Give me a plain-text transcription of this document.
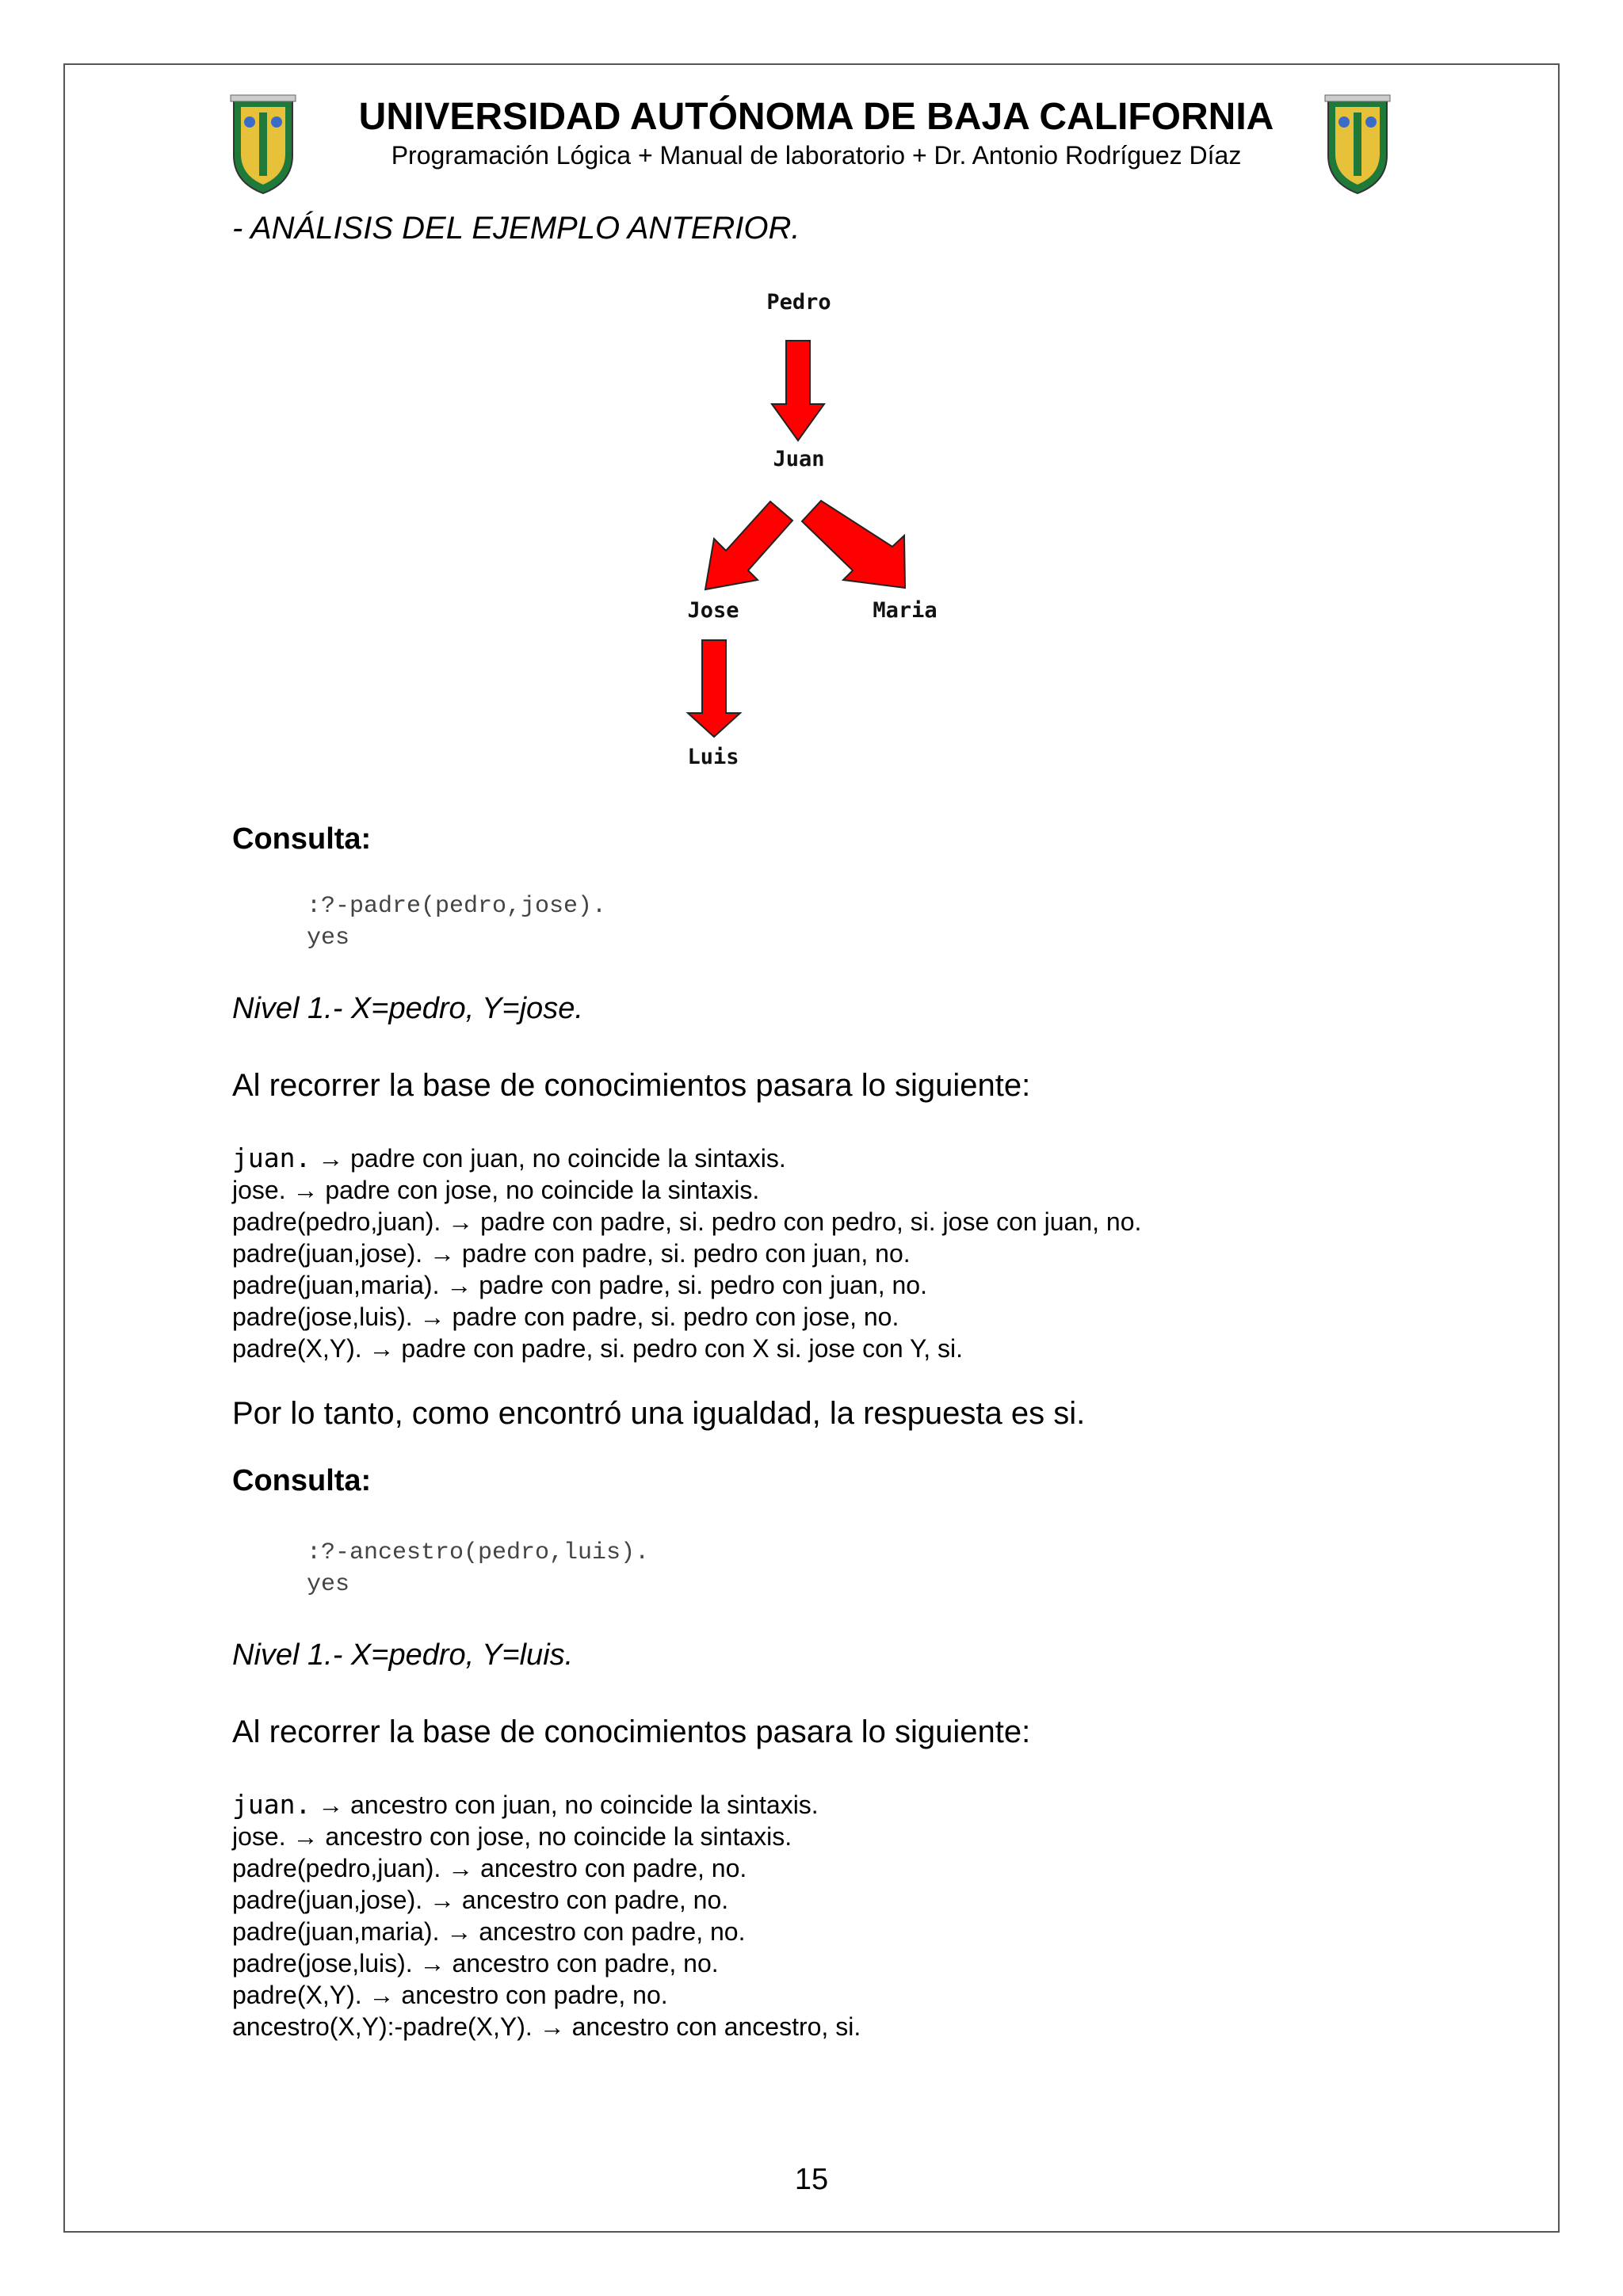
UNIVERSIDAD AUTÓNOMA DE BAJA CALIFORNIA
Programación Lógica + Manual de laboratorio + Dr. Antonio Rodríguez Díaz
- ANÁLISIS DEL EJEMPLO ANTERIOR.
Pedro
Juan
Jose	Maria
Luis
Consulta:
:?-padre(pedro,jose).
yes
Nivel 1.- X=pedro, Y=jose.
Al recorrer la base de conocimientos pasara lo siguiente:
juan. → padre con juan, no coincide la sintaxis.
jose. → padre con jose, no coincide la sintaxis.
padre(pedro,juan). → padre con padre, si. pedro con pedro, si. jose con juan, no.
padre(juan,jose). → padre con padre, si. pedro con juan, no.
padre(juan,maria). → padre con padre, si. pedro con juan, no.
padre(jose,luis). → padre con padre, si. pedro con jose, no.
padre(X,Y). → padre con padre, si. pedro con X si. jose con Y, si.
Por lo tanto, como encontró una igualdad, la respuesta es si.
Consulta:
:?-ancestro(pedro,luis).
yes
Nivel 1.- X=pedro, Y=luis.
Al recorrer la base de conocimientos pasara lo siguiente:
juan. → ancestro con juan, no coincide la sintaxis.
jose. → ancestro con jose, no coincide la sintaxis.
padre(pedro,juan). → ancestro con padre, no.
padre(juan,jose). → ancestro con padre, no.
padre(juan,maria). → ancestro con padre, no.
padre(jose,luis). → ancestro con padre, no.
padre(X,Y). → ancestro con padre, no.
ancestro(X,Y):-padre(X,Y). → ancestro con ancestro, si.
15
